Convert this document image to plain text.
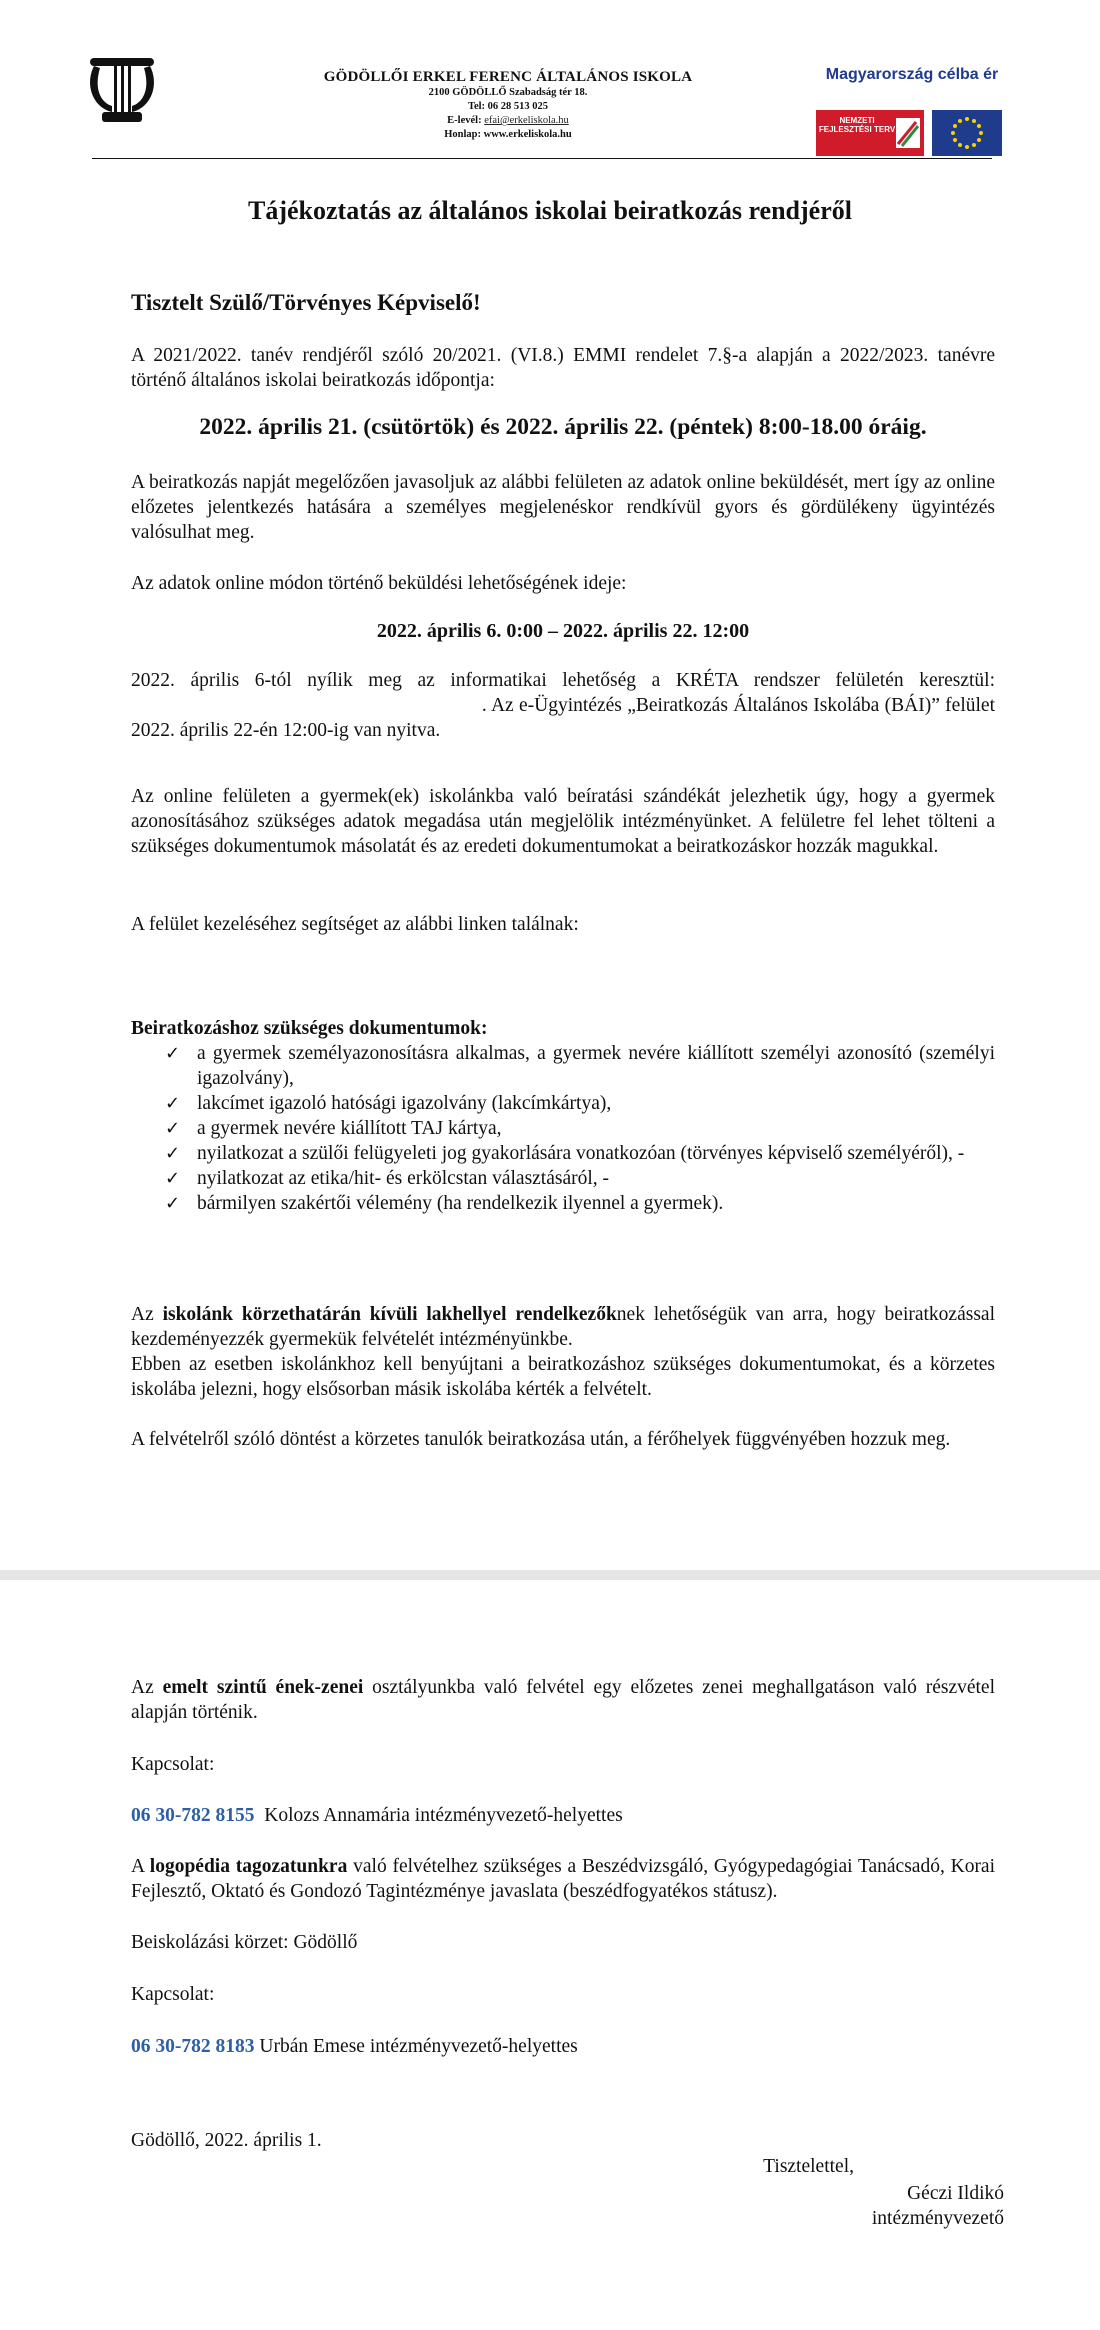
GÖDÖLLŐI ERKEL FERENC ÁLTALÁNOS ISKOLA
2100 GÖDÖLLŐ Szabadság tér 18.
Tel: 06 28 513 025
E-levél: efai@erkeliskola.hu
Honlap: www.erkeliskola.hu
Magyarország célba ér
NEMZETI FEJLESZTÉSI TERV
Tájékoztatás az általános iskolai beiratkozás rendjéről
Tisztelt Szülő/Törvényes Képviselő!
A 2021/2022. tanév rendjéről szóló 20/2021. (VI.8.) EMMI rendelet 7.§-a alapján a 2022/2023. tanévre történő általános iskolai beiratkozás időpontja:
2022. április 21. (csütörtök) és 2022. április 22. (péntek) 8:00-18.00 óráig.
A beiratkozás napját megelőzően javasoljuk az alábbi felületen az adatok online beküldését, mert így az online előzetes jelentkezés hatására a személyes megjelenéskor rendkívül gyors és gördülékeny ügyintézés valósulhat meg.
Az adatok online módon történő beküldési lehetőségének ideje:
2022. április 6. 0:00 – 2022. április 22. 12:00
2022. április 6-tól nyílik meg az informatikai lehetőség a KRÉTA rendszer felületén keresztül:                                                                   . Az e-Ügyintézés „Beiratkozás Általános Iskolába (BÁI)” felület 2022. április 22-én 12:00-ig van nyitva.
Az online felületen a gyermek(ek) iskolánkba való beíratási szándékát jelezhetik úgy, hogy a gyermek azonosításához szükséges adatok megadása után megjelölik intézményünket. A felületre fel lehet tölteni a szükséges dokumentumok másolatát és az eredeti dokumentumokat a beiratkozáskor hozzák magukkal.
A felület kezeléséhez segítséget az alábbi linken találnak:
Beiratkozáshoz szükséges dokumentumok:
✓ a gyermek személyazonosításra alkalmas, a gyermek nevére kiállított személyi azonosító (személyi igazolvány),
✓ lakcímet igazoló hatósági igazolvány (lakcímkártya),
✓ a gyermek nevére kiállított TAJ kártya,
✓ nyilatkozat a szülői felügyeleti jog gyakorlására vonatkozóan (törvényes képviselő személyéről), -
✓ nyilatkozat az etika/hit- és erkölcstan választásáról, -
✓ bármilyen szakértői vélemény (ha rendelkezik ilyennel a gyermek).
Az iskolánk körzethatárán kívüli lakhellyel rendelkezőknek lehetőségük van arra, hogy beiratkozással kezdeményezzék gyermekük felvételét intézményünkbe.
Ebben az esetben iskolánkhoz kell benyújtani a beiratkozáshoz szükséges dokumentumokat, és a körzetes iskolába jelezni, hogy elsősorban másik iskolába kérték a felvételt.
A felvételről szóló döntést a körzetes tanulók beiratkozása után, a férőhelyek függvényében hozzuk meg.
Az emelt szintű ének-zenei osztályunkba való felvétel egy előzetes zenei meghallgatáson való részvétel alapján történik.
Kapcsolat:
06 30-782 8155  Kolozs Annamária intézményvezető-helyettes
A logopédia tagozatunkra való felvételhez szükséges a Beszédvizsgáló, Gyógypedagógiai Tanácsadó, Korai Fejlesztő, Oktató és Gondozó Tagintézménye javaslata (beszédfogyatékos státusz).
Beiskolázási körzet: Gödöllő
Kapcsolat:
06 30-782 8183 Urbán Emese intézményvezető-helyettes
Gödöllő, 2022. április 1.
Tisztelettel,
Géczi Ildikó
intézményvezető
